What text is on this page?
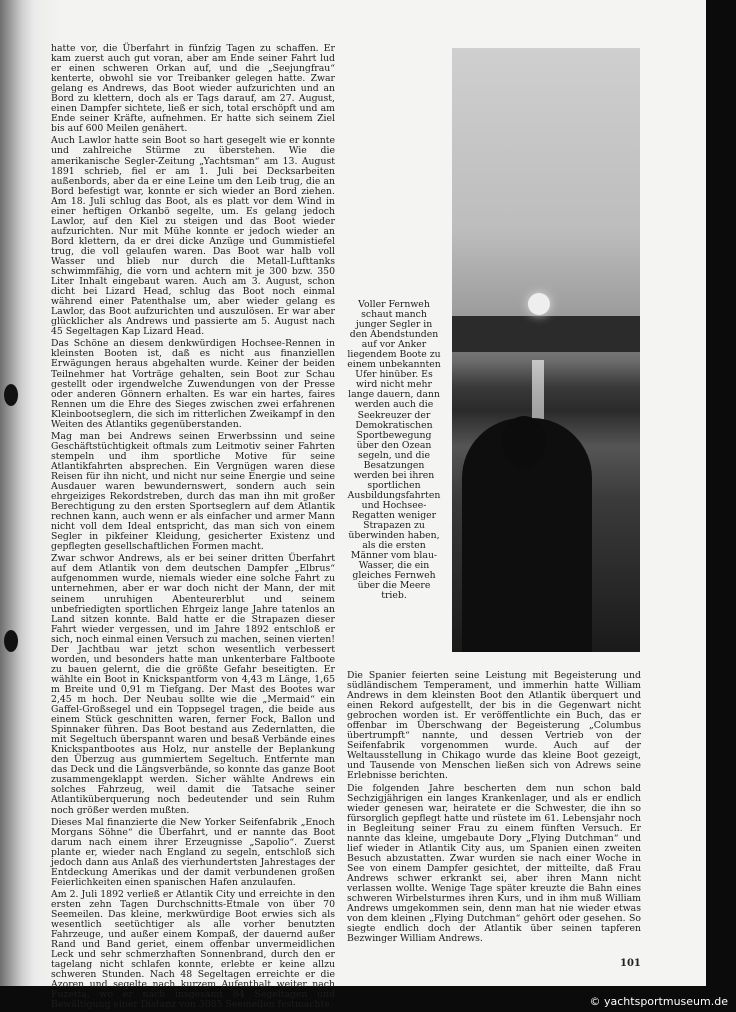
hatte vor, die Überfahrt in fünfzig Tagen zu schaffen. Er kam zuerst auch gut voran, aber am Ende seiner Fahrt lud er einen schweren Orkan auf, und die „Seejungfrau“ kenterte, obwohl sie vor Treibanker gelegen hatte. Zwar gelang es Andrews, das Boot wieder aufzurichten und an Bord zu klettern, doch als er Tags darauf, am 27. August, einen Dampfer sichtete, ließ er sich, total erschöpft und am Ende seiner Kräfte, aufnehmen. Er hatte sich seinem Ziel bis auf 600 Meilen genähert.

Auch Lawlor hatte sein Boot so hart gesegelt wie er konnte und zahlreiche Stürme zu überstehen. Wie die amerikanische Segler-Zeitung „Yachtsman“ am 13. August 1891 schrieb, fiel er am 1. Juli bei Decksarbeiten außenbords, aber da er eine Leine um den Leib trug, die an Bord befestigt war, konnte er sich wieder an Bord ziehen. Am 18. Juli schlug das Boot, als es platt vor dem Wind in einer heftigen Orkanbö segelte, um. Es gelang jedoch Lawlor, auf den Kiel zu steigen und das Boot wieder aufzurichten. Nur mit Mühe konnte er jedoch wieder an Bord klettern, da er drei dicke Anzüge und Gummistiefel trug, die voll gelaufen waren. Das Boot war halb voll Wasser und blieb nur durch die Metall-Lufttanks schwimmfähig, die vorn und achtern mit je 300 bzw. 350 Liter Inhalt eingebaut waren. Auch am 3. August, schon dicht bei Lizard Head, schlug das Boot noch einmal während einer Patenthalse um, aber wieder gelang es Lawlor, das Boot aufzurichten und auszulösen. Er war aber glücklicher als Andrews und passierte am 5. August nach 45 Segeltagen Kap Lizard Head.

Das Schöne an diesem denkwürdigen Hochsee-Rennen in kleinsten Booten ist, daß es nicht aus finanziellen Erwägungen heraus abgehalten wurde. Keiner der beiden Teilnehmer hat Vorträge gehalten, sein Boot zur Schau gestellt oder irgendwelche Zuwendungen von der Presse oder anderen Gönnern erhalten. Es war ein hartes, faires Rennen um die Ehre des Sieges zwischen zwei erfahrenen Kleinbootseglern, die sich im ritterlichen Zweikampf in den Weiten des Atlantiks gegenüberstanden.

Mag man bei Andrews seinen Erwerbssinn und seine Geschäftstüchtigkeit oftmals zum Leitmotiv seiner Fahrten stempeln und ihm sportliche Motive für seine Atlantikfahrten absprechen. Ein Vergnügen waren diese Reisen für ihn nicht, und nicht nur seine Energie und seine Ausdauer waren bewundernswert, sondern auch sein ehrgeiziges Rekordstreben, durch das man ihn mit großer Berechtigung zu den ersten Sportseglern auf dem Atlantik rechnen kann, auch wenn er als einfacher und armer Mann nicht voll dem Ideal entspricht, das man sich von einem Segler in pikfeiner Kleidung, gesicherter Existenz und gepflegten gesellschaftlichen Formen macht.

Zwar schwor Andrews, als er bei seiner dritten Überfahrt auf dem Atlantik von dem deutschen Dampfer „Elbrus“ aufgenommen wurde, niemals wieder eine solche Fahrt zu unternehmen, aber er war doch nicht der Mann, der mit seinem unruhigen Abenteurerblut und seinem unbefriedigten sportlichen Ehrgeiz lange Jahre tatenlos an Land sitzen konnte. Bald hatte er die Strapazen dieser Fahrt wieder vergessen, und im Jahre 1892 entschloß er sich, noch einmal einen Versuch zu machen, seinen vierten! Der Jachtbau war jetzt schon wesentlich verbessert worden, und besonders hatte man unkenterbare Faltboote zu bauen gelernt, die die größte Gefahr beseitigten. Er wählte ein Boot in Knickspantform von 4,43 m Länge, 1,65 m Breite und 0,91 m Tiefgang. Der Mast des Bootes war 2,45 m hoch. Der Neubau sollte wie die „Mermaid“ ein Gaffel-Großsegel und ein Toppsegel tragen, die beide aus einem Stück geschnitten waren, ferner Fock, Ballon und Spinnaker führen. Das Boot bestand aus Zedernlatten, die mit Segeltuch überspannt waren und besaß Verbände eines Knickspantbootes aus Holz, nur anstelle der Beplankung den Überzug aus gummiertem Segeltuch. Entfernte man das Deck und die Längsverbände, so konnte das ganze Boot zusammengeklappt werden. Sicher wählte Andrews ein solches Fahrzeug, weil damit die Tatsache seiner Atlantiküberquerung noch bedeutender und sein Ruhm noch größer werden mußten.

Dieses Mal finanzierte die New Yorker Seifenfabrik „Enoch Morgans Söhne“ die Überfahrt, und er nannte das Boot darum nach einem ihrer Erzeugnisse „Sapolio“. Zuerst plante er, wieder nach England zu segeln, entschloß sich jedoch dann aus Anlaß des vierhundertsten Jahrestages der Entdeckung Amerikas und der damit verbundenen großen Feierlichkeiten einen spanischen Hafen anzulaufen.

Am 2. Juli 1892 verließ er Atlantik City und erreichte in den ersten zehn Tagen Durchschnitts-Etmale von über 70 Seemeilen. Das kleine, merkwürdige Boot erwies sich als wesentlich seetüchtiger als alle vorher benutzten Fahrzeuge, und außer einem Kompaß, der dauernd außer Rand und Band geriet, einem offenbar unvermeidlichen Leck und sehr schmerzhaften Sonnenbrand, durch den er tagelang nicht schlafen konnte, erlebte er keine allzu schweren Stunden. Nach 48 Segeltagen erreichte er die Azoren und segelte nach kurzem Aufenthalt weiter nach Fuzetta, wo er nach insgesamt 84 Segeltagen und Bewältigung einer Distanz von 3085 Seemeilen festmachte.

Voller Fernweh schaut manch junger Segler in den Abendstunden auf vor Anker liegendem Boote zu einem unbekannten Ufer hinüber. Es wird nicht mehr lange dauern, dann werden auch die Seekreuzer der Demokratischen Sportbewegung über den Ozean segeln, und die Besatzungen werden bei ihren sportlichen Ausbildungsfahrten und Hochsee-Regatten weniger Strapazen zu überwinden haben, als die ersten Männer vom blau-Wasser, die ein gleiches Fernweh über die Meere trieb.

Die Spanier feierten seine Leistung mit Begeisterung und südländischem Temperament, und immerhin hatte William Andrews in dem kleinsten Boot den Atlantik überquert und einen Rekord aufgestellt, der bis in die Gegenwart nicht gebrochen worden ist. Er veröffentlichte ein Buch, das er offenbar im Überschwang der Begeisterung „Columbus übertrumpft“ nannte, und dessen Vertrieb von der Seifenfabrik vorgenommen wurde. Auch auf der Weltausstellung in Chikago wurde das kleine Boot gezeigt, und Tausende von Menschen ließen sich von Adrews seine Erlebnisse berichten.

Die folgenden Jahre bescherten dem nun schon bald Sechzigjährigen ein langes Krankenlager, und als er endlich wieder genesen war, heiratete er die Schwester, die ihn so fürsorglich gepflegt hatte und rüstete im 61. Lebensjahr noch in Begleitung seiner Frau zu einem fünften Versuch. Er nannte das kleine, umgebaute Dory „Flying Dutchman“ und lief wieder in Atlantik City aus, um Spanien einen zweiten Besuch abzustatten. Zwar wurden sie nach einer Woche in See von einem Dampfer gesichtet, der mitteilte, daß Frau Andrews schwer erkrankt sei, aber ihren Mann nicht verlassen wollte. Wenige Tage später kreuzte die Bahn eines schweren Wirbelsturmes ihren Kurs, und in ihm muß William Andrews umgekommen sein, denn man hat nie wieder etwas von dem kleinen „Flying Dutchman“ gehört oder gesehen. So siegte endlich doch der Atlantik über seinen tapferen Bezwinger William Andrews.

101
© yachtsportmuseum.de
